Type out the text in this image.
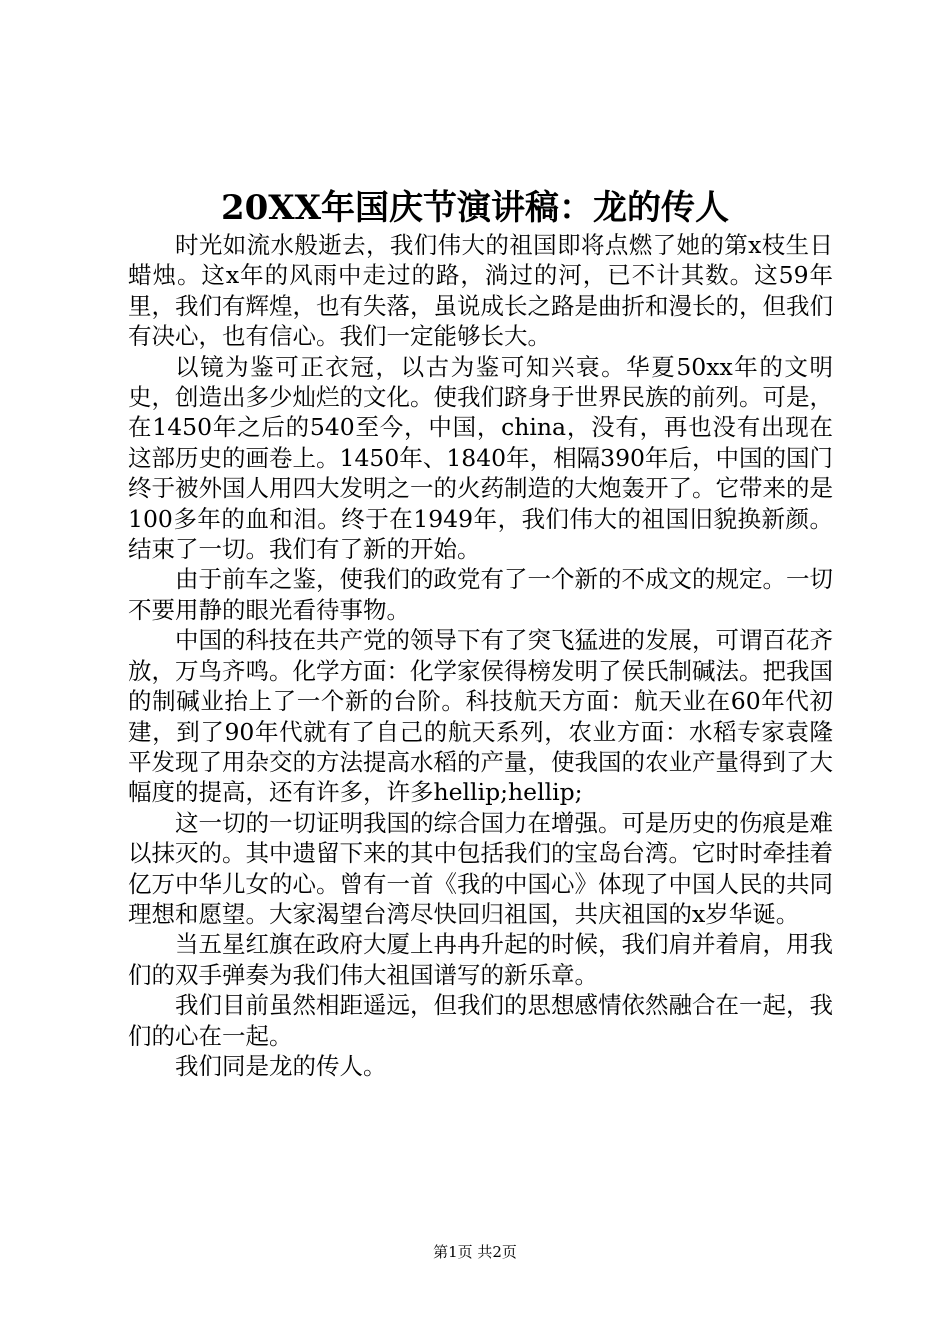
20XX年国庆节演讲稿：龙的传人

时光如流水般逝去，我们伟大的祖国即将点燃了她的第x枝生日蜡烛。这x年的风雨中走过的路，淌过的河，已不计其数。这59年里，我们有辉煌，也有失落，虽说成长之路是曲折和漫长的，但我们有决心，也有信心。我们一定能够长大。

以镜为鉴可正衣冠，以古为鉴可知兴衰。华夏50xx年的文明史，创造出多少灿烂的文化。使我们跻身于世界民族的前列。可是，在1450年之后的540至今，中国，china，没有，再也没有出现在这部历史的画卷上。1450年、1840年，相隔390年后，中国的国门终于被外国人用四大发明之一的火药制造的大炮轰开了。它带来的是100多年的血和泪。终于在1949年，我们伟大的祖国旧貌换新颜。结束了一切。我们有了新的开始。

由于前车之鉴，使我们的政党有了一个新的不成文的规定。一切不要用静的眼光看待事物。

中国的科技在共产党的领导下有了突飞猛进的发展，可谓百花齐放，万鸟齐鸣。化学方面：化学家侯得榜发明了侯氏制碱法。把我国的制碱业抬上了一个新的台阶。科技航天方面：航天业在60年代初建，到了90年代就有了自己的航天系列，农业方面：水稻专家袁隆平发现了用杂交的方法提高水稻的产量，使我国的农业产量得到了大幅度的提高，还有许多，许多hellip;hellip;

这一切的一切证明我国的综合国力在增强。可是历史的伤痕是难以抹灭的。其中遗留下来的其中包括我们的宝岛台湾。它时时牵挂着亿万中华儿女的心。曾有一首《我的中国心》体现了中国人民的共同理想和愿望。大家渴望台湾尽快回归祖国，共庆祖国的x岁华诞。

当五星红旗在政府大厦上冉冉升起的时候，我们肩并着肩，用我们的双手弹奏为我们伟大祖国谱写的新乐章。

我们目前虽然相距遥远，但我们的思想感情依然融合在一起，我们的心在一起。

我们同是龙的传人。

第1页 共2页
